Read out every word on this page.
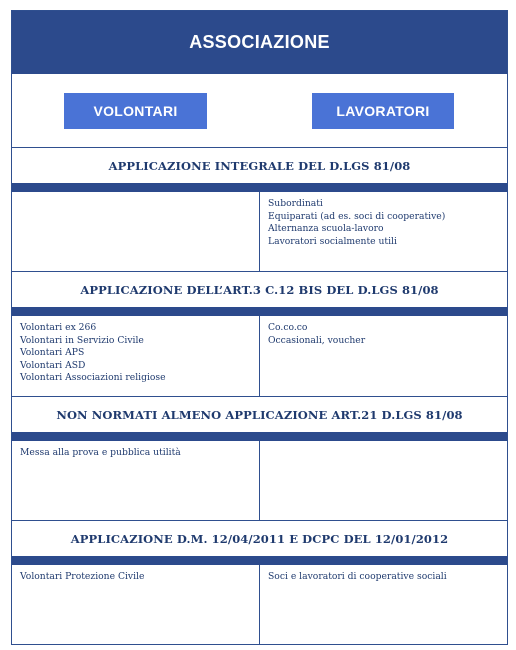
ASSOCIAZIONE
VOLONTARI	LAVORATORI
APPLICAZIONE INTEGRALE DEL D.LGS 81/08
Subordinati
Equiparati (ad es. soci di cooperative)
Alternanza scuola-lavoro
Lavoratori socialmente utili
APPLICAZIONE DELL’ART.3 C.12 BIS DEL D.LGS 81/08
Volontari ex 266
Volontari in Servizio Civile
Volontari APS
Volontari ASD
Volontari Associazioni religiose
Co.co.co
Occasionali, voucher
NON NORMATI ALMENO APPLICAZIONE ART.21 D.LGS 81/08
Messa alla prova e pubblica utilità
APPLICAZIONE D.M. 12/04/2011 E DCPC DEL 12/01/2012
Volontari Protezione Civile	Soci e lavoratori di cooperative sociali
